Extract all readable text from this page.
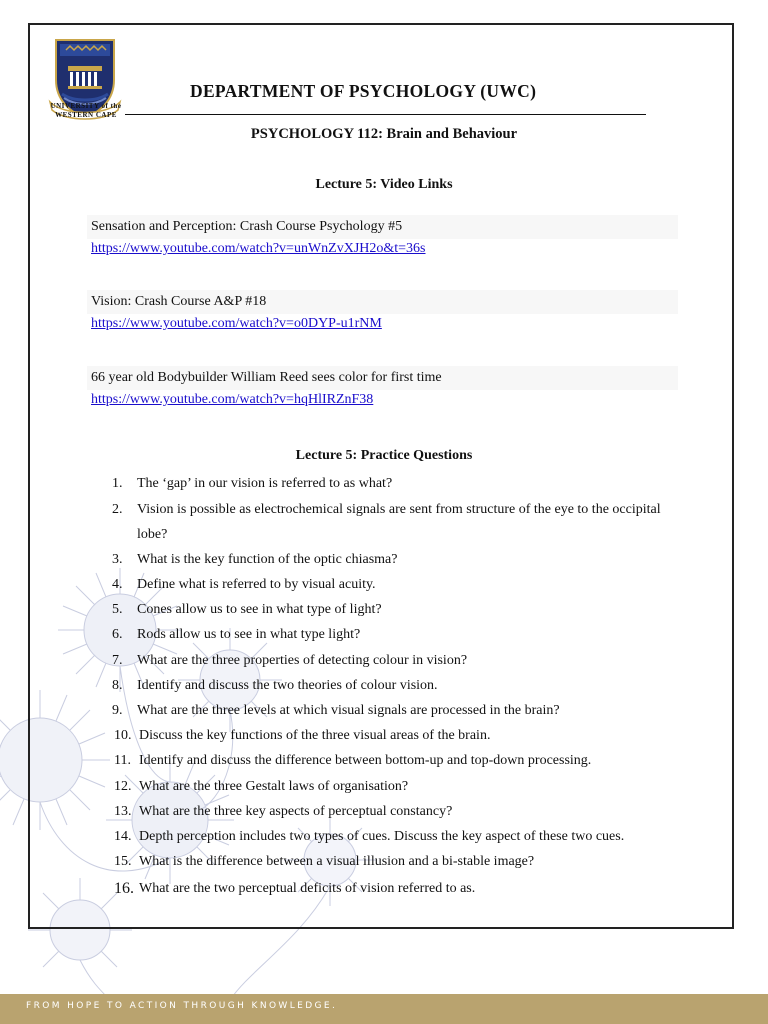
UNIVERSITY of the
WESTERN CAPE
DEPARTMENT OF PSYCHOLOGY (UWC)
PSYCHOLOGY 112: Brain and Behaviour
Lecture 5: Video Links
Sensation and Perception: Crash Course Psychology #5
https://www.youtube.com/watch?v=unWnZvXJH2o&t=36s
Vision: Crash Course A&P #18
https://www.youtube.com/watch?v=o0DYP-u1rNM
66 year old Bodybuilder William Reed sees color for first time
https://www.youtube.com/watch?v=hqHlIRZnF38
Lecture 5: Practice Questions
1.	The ‘gap’ in our vision is referred to as what?
2.	Vision is possible as electrochemical signals are sent from structure of the eye to the occipital lobe?
3.	What is the key function of the optic chiasma?
4.	Define what is referred to by visual acuity.
5.	Cones allow us to see in what type of light?
6.	Rods allow us to see in what type light?
7.	What are the three properties of detecting colour in vision?
8.	Identify and discuss the two theories of colour vision.
9.	What are the three levels at which visual signals are processed in the brain?
10. Discuss the key functions of the three visual areas of the brain.
11. Identify and discuss the difference between bottom-up and top-down processing.
12. What are the three Gestalt laws of organisation?
13. What are the three key aspects of perceptual constancy?
14. Depth perception includes two types of cues. Discuss the key aspect of these two cues.
15. What is the difference between a visual illusion and a bi-stable image?
16. What are the two perceptual deficits of vision referred to as.
FROM HOPE TO ACTION THROUGH KNOWLEDGE.
